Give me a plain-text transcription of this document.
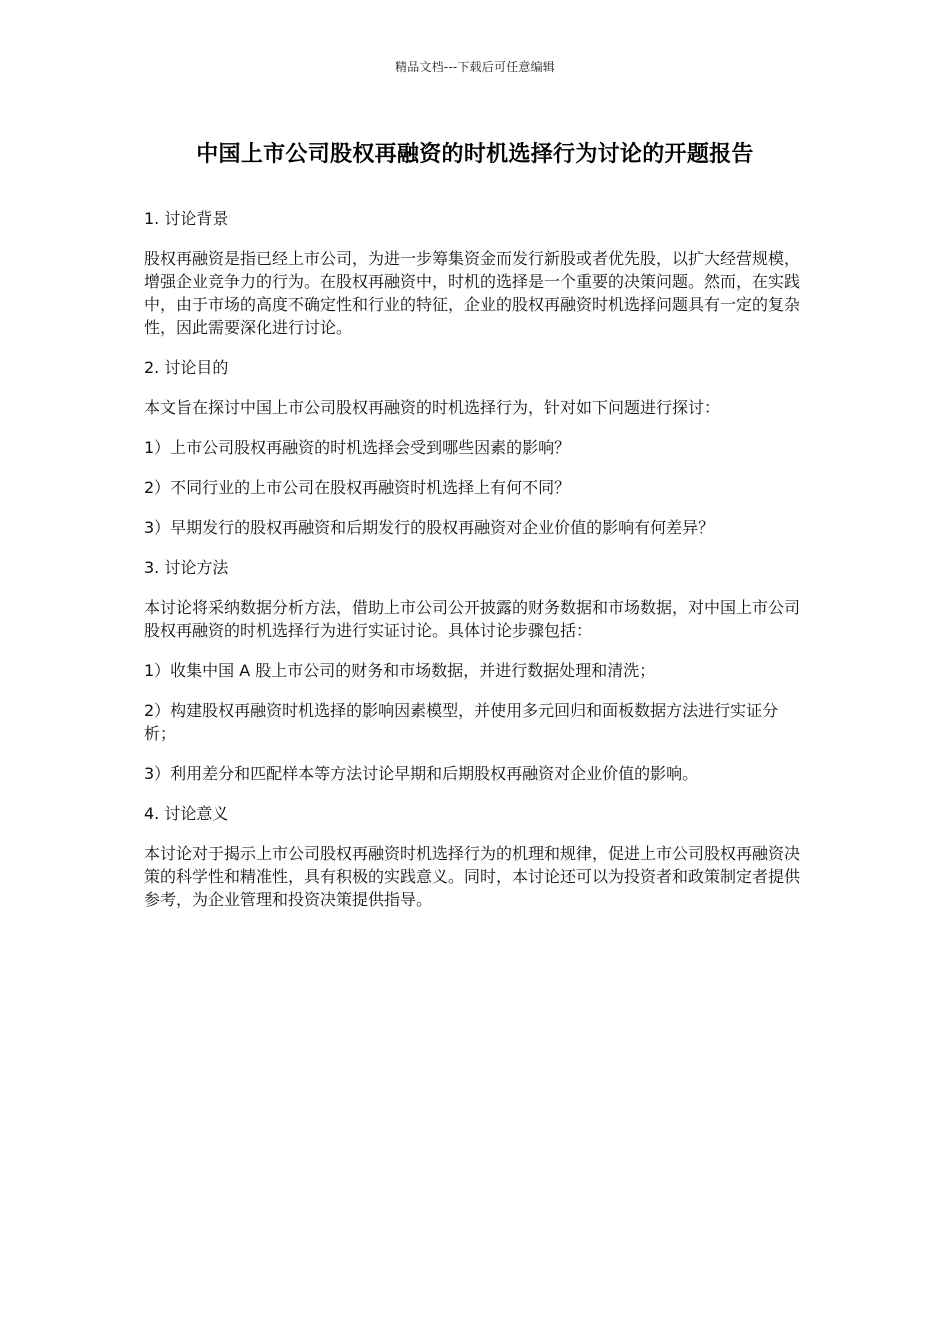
精品文档---下载后可任意编辑
中国上市公司股权再融资的时机选择行为讨论的开题报告

1. 讨论背景

股权再融资是指已经上市公司，为进一步筹集资金而发行新股或者优先股，以扩大经营规模，增强企业竞争力的行为。在股权再融资中，时机的选择是一个重要的决策问题。然而，在实践中，由于市场的高度不确定性和行业的特征，企业的股权再融资时机选择问题具有一定的复杂性，因此需要深化进行讨论。

2. 讨论目的

本文旨在探讨中国上市公司股权再融资的时机选择行为，针对如下问题进行探讨：

1）上市公司股权再融资的时机选择会受到哪些因素的影响？

2）不同行业的上市公司在股权再融资时机选择上有何不同？

3）早期发行的股权再融资和后期发行的股权再融资对企业价值的影响有何差异？

3. 讨论方法

本讨论将采纳数据分析方法，借助上市公司公开披露的财务数据和市场数据，对中国上市公司股权再融资的时机选择行为进行实证讨论。具体讨论步骤包括：

1）收集中国 A 股上市公司的财务和市场数据，并进行数据处理和清洗；

2）构建股权再融资时机选择的影响因素模型，并使用多元回归和面板数据方法进行实证分析；

3）利用差分和匹配样本等方法讨论早期和后期股权再融资对企业价值的影响。

4. 讨论意义

本讨论对于揭示上市公司股权再融资时机选择行为的机理和规律，促进上市公司股权再融资决策的科学性和精准性，具有积极的实践意义。同时，本讨论还可以为投资者和政策制定者提供参考，为企业管理和投资决策提供指导。
